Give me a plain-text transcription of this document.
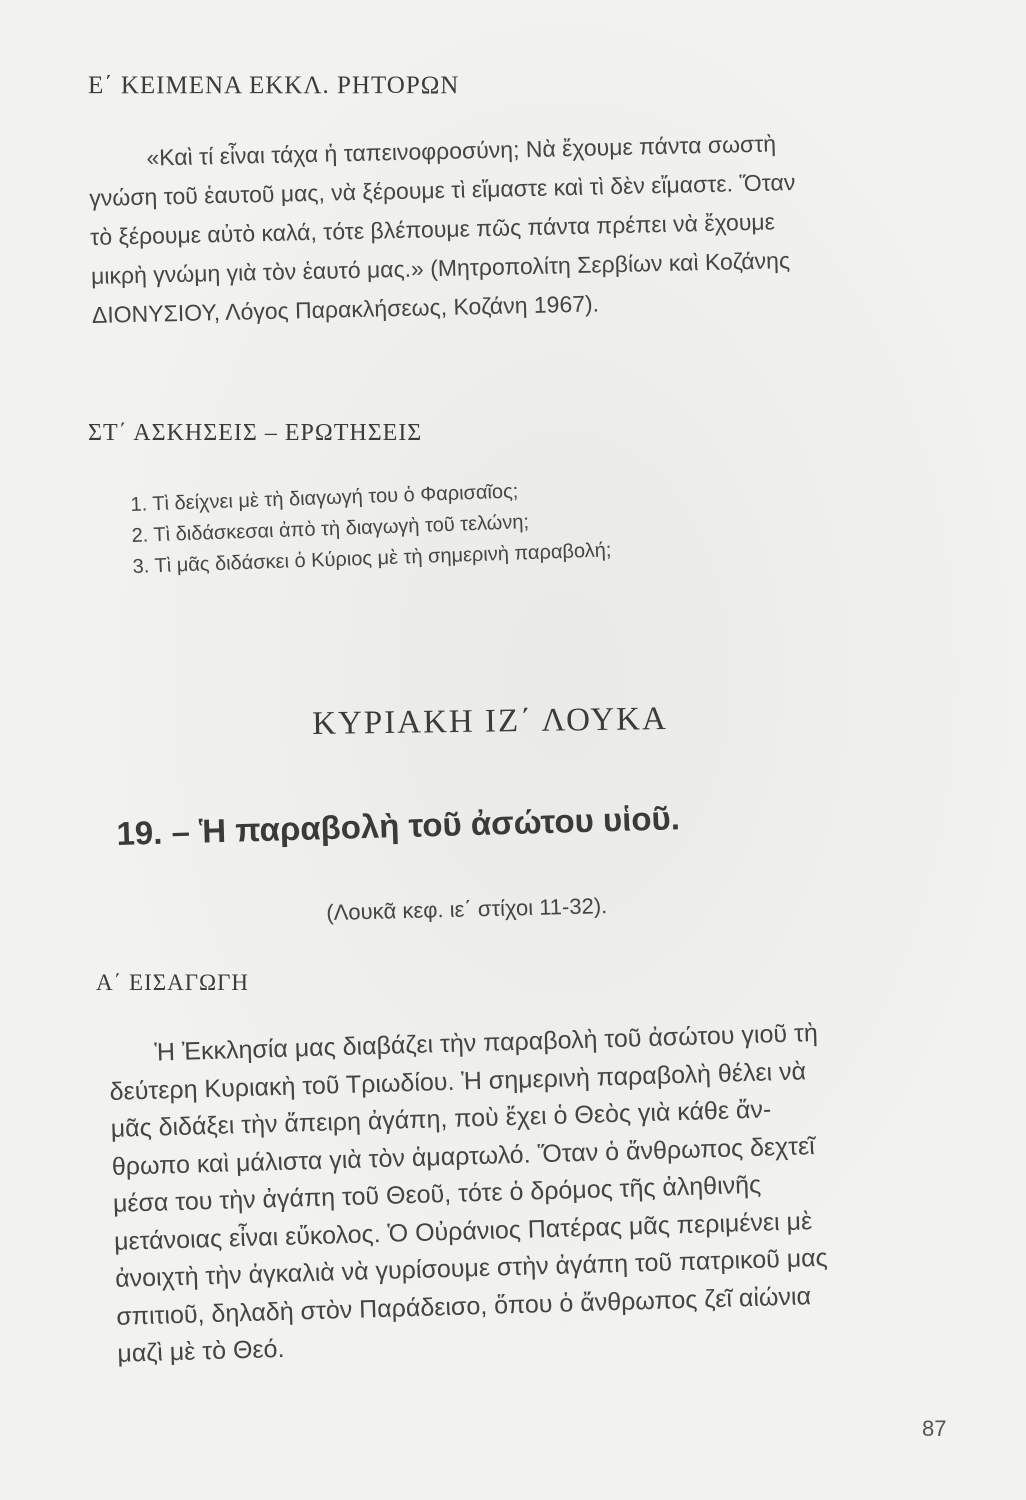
Ε΄ ΚΕΙΜΕΝΑ ΕΚΚΛ. ΡΗΤΟΡΩΝ
«Καὶ τί εἶναι τάχα ἡ ταπεινοφροσύνη; Νὰ ἔχουμε πάντα σωστὴ
γνώση τοῦ ἑαυτοῦ μας, νὰ ξέρουμε τὶ εἴμαστε καὶ τὶ δὲν εἴμαστε. Ὅταν
τὸ ξέρουμε αὐτὸ καλά, τότε βλέπουμε πῶς πάντα πρέπει νὰ ἔχουμε
μικρὴ γνώμη γιὰ τὸν ἑαυτό μας.» (Μητροπολίτη Σερβίων καὶ Κοζάνης
ΔΙΟΝΥΣΙΟΥ, Λόγος Παρακλήσεως, Κοζάνη 1967).
ΣΤ΄ ΑΣΚΗΣΕΙΣ – ΕΡΩΤΗΣΕΙΣ
1. Τὶ δείχνει μὲ τὴ διαγωγή του ὁ Φαρισαῖος;
2. Τὶ διδάσκεσαι ἀπὸ τὴ διαγωγὴ τοῦ τελώνη;
3. Τὶ μᾶς διδάσκει ὁ Κύριος μὲ τὴ σημερινὴ παραβολή;
ΚΥΡΙΑΚΗ ΙΖ΄ ΛΟΥΚΑ
19. – Ἡ παραβολὴ τοῦ ἀσώτου υἱοῦ.
(Λουκᾶ κεφ. ιε΄ στίχοι 11-32).
Α΄ ΕΙΣΑΓΩΓΗ
Ἡ Ἐκκλησία μας διαβάζει τὴν παραβολὴ τοῦ ἀσώτου γιοῦ τὴ
δεύτερη Κυριακὴ τοῦ Τριωδίου. Ἡ σημερινὴ παραβολὴ θέλει νὰ
μᾶς διδάξει τὴν ἄπειρη ἀγάπη, ποὺ ἔχει ὁ Θεὸς γιὰ κάθε ἄν-
θρωπο καὶ μάλιστα γιὰ τὸν ἁμαρτωλό. Ὅταν ὁ ἄνθρωπος δεχτεῖ
μέσα του τὴν ἀγάπη τοῦ Θεοῦ, τότε ὁ δρόμος τῆς ἀληθινῆς
μετάνοιας εἶναι εὔκολος. Ὁ Οὐράνιος Πατέρας μᾶς περιμένει μὲ
ἀνοιχτὴ τὴν ἀγκαλιὰ νὰ γυρίσουμε στὴν ἀγάπη τοῦ πατρικοῦ μας
σπιτιοῦ, δηλαδὴ στὸν Παράδεισο, ὅπου ὁ ἄνθρωπος ζεῖ αἰώνια
μαζὶ μὲ τὸ Θεό.
87
